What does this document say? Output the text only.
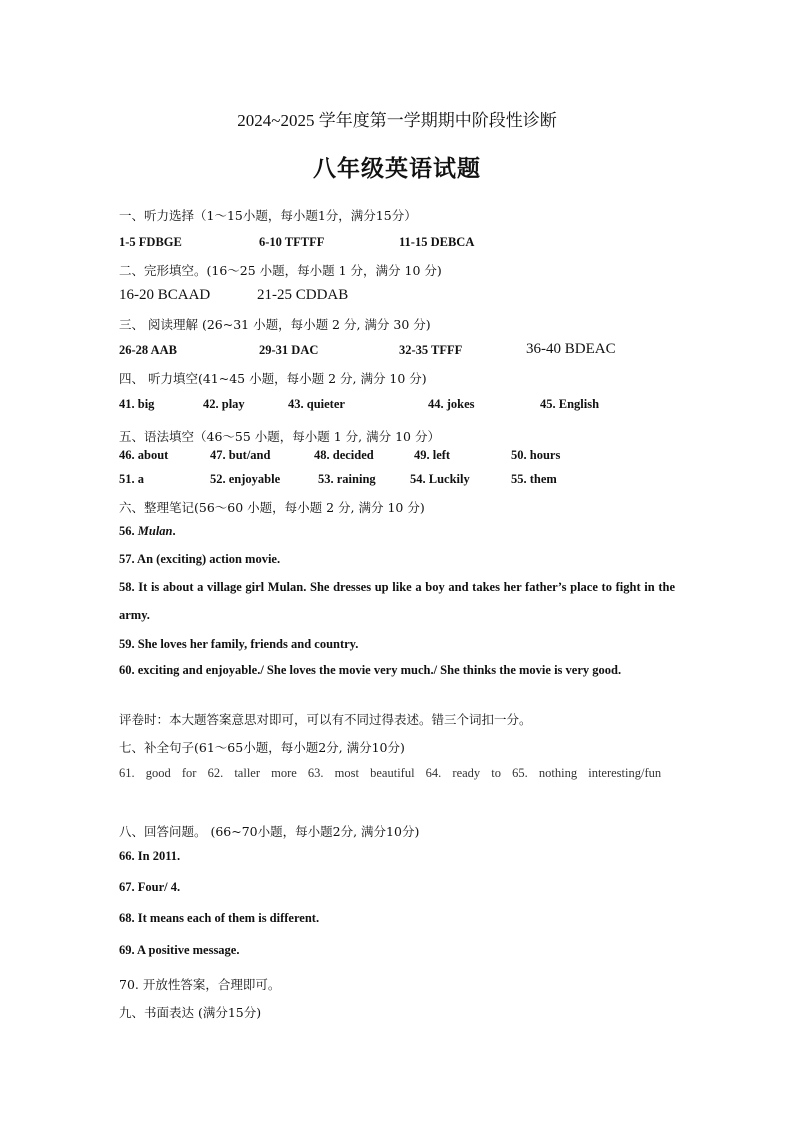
2024~2025 学年度第一学期期中阶段性诊断
八年级英语试题
一、听力选择（1～15小题，每小题1分，满分15分）
1-5 FDBGE	6-10 TFTFF	11-15 DEBCA
二、完形填空。(16～25 小题，每小题 1 分，满分 10 分)
16-20 BCAAD	21-25 CDDAB
三、 阅读理解 (26~31 小题，每小题 2 分, 满分 30 分)
26-28 AAB	29-31 DAC	32-35 TFFF	36-40 BDEAC
四、 听力填空(41~45 小题，每小题 2 分, 满分 10 分)
41. big	42. play	43. quieter	44. jokes	45. English
五、语法填空（46～55 小题，每小题 1 分, 满分 10 分）
46. about	47. but/and	48. decided	49. left	50. hours
51. a	52. enjoyable	53. raining	54. Luckily	55. them
六、整理笔记(56～60 小题，每小题 2 分, 满分 10 分)
56. Mulan.
57. An (exciting) action movie.
58. It is about a village girl Mulan. She dresses up like a boy and takes her father’s place to fight in the army.
59. She loves her family, friends and country.
60. exciting and enjoyable./ She loves the movie very much./ She thinks the movie is very good.
评卷时：本大题答案意思对即可，可以有不同过得表述。错三个词扣一分。
七、补全句子(61～65小题，每小题2分, 满分10分)
61. good for 62. taller more 63. most beautiful 64. ready to 65. nothing interesting/fun
八、回答问题。 (66~70小题，每小题2分, 满分10分)
66. In 2011.
67. Four/ 4.
68. It means each of them is different.
69. A positive message.
70. 开放性答案，合理即可。
九、书面表达 (满分15分)
